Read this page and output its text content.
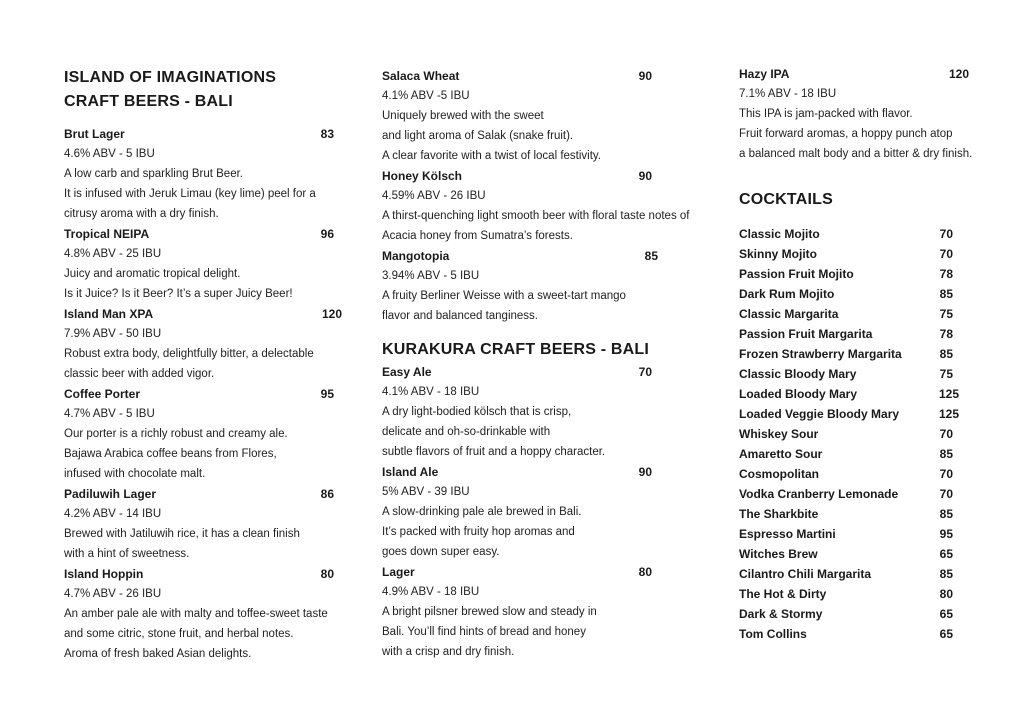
ISLAND OF IMAGINATIONS CRAFT BEERS - BALI
Brut Lager	83
4.6% ABV - 5 IBU
A low carb and sparkling Brut Beer.
It is infused with Jeruk Limau (key lime) peel for a
citrusy aroma with a dry finish.
Tropical NEIPA	96
4.8% ABV - 25 IBU
Juicy and aromatic tropical delight.
Is it Juice? Is it Beer? It’s a super Juicy Beer!
Island Man XPA	120
7.9% ABV - 50 IBU
Robust extra body, delightfully bitter, a delectable
classic beer with added vigor.
Coffee Porter	95
4.7% ABV - 5 IBU
Our porter is a richly robust and creamy ale.
Bajawa Arabica coffee beans from Flores,
infused with chocolate malt.
Padiluwih Lager	86
4.2% ABV - 14 IBU
Brewed with Jatiluwih rice, it has a clean finish
with a hint of sweetness.
Island Hoppin	80
4.7% ABV - 26 IBU
An amber pale ale with malty and toffee-sweet taste
and some citric, stone fruit, and herbal notes.
Aroma of fresh baked Asian delights.
Salaca Wheat	90
4.1% ABV -5 IBU
Uniquely brewed with the sweet
and light aroma of Salak (snake fruit).
A clear favorite with a twist of local festivity.
Honey Kölsch	90
4.59% ABV - 26 IBU
A thirst-quenching light smooth beer with floral taste notes of
Acacia honey from Sumatra’s forests.
Mangotopia	85
3.94% ABV - 5 IBU
A fruity Berliner Weisse with a sweet-tart mango
flavor and balanced tanginess.
KURAKURA CRAFT BEERS - BALI
Easy Ale	70
4.1% ABV - 18 IBU
A dry light-bodied kölsch that is crisp,
delicate and oh-so-drinkable with
subtle flavors of fruit and a hoppy character.
Island Ale	90
5% ABV - 39 IBU
A slow-drinking pale ale brewed in Bali.
It’s packed with fruity hop aromas and
goes down super easy.
Lager	80
4.9% ABV - 18 IBU
A bright pilsner brewed slow and steady in
Bali. You’ll find hints of bread and honey
with a crisp and dry finish.
Hazy IPA	120
7.1% ABV - 18 IBU
This IPA is jam-packed with flavor.
Fruit forward aromas, a hoppy punch atop
a balanced malt body and a bitter & dry finish.
COCKTAILS
Classic Mojito	70
Skinny Mojito	70
Passion Fruit Mojito	78
Dark Rum Mojito	85
Classic Margarita	75
Passion Fruit Margarita	78
Frozen Strawberry Margarita	85
Classic Bloody Mary	75
Loaded Bloody Mary	125
Loaded Veggie Bloody Mary	125
Whiskey Sour	70
Amaretto Sour	85
Cosmopolitan	70
Vodka Cranberry Lemonade	70
The Sharkbite	85
Espresso Martini	95
Witches Brew	65
Cilantro Chili Margarita	85
The Hot & Dirty	80
Dark & Stormy	65
Tom Collins	65
